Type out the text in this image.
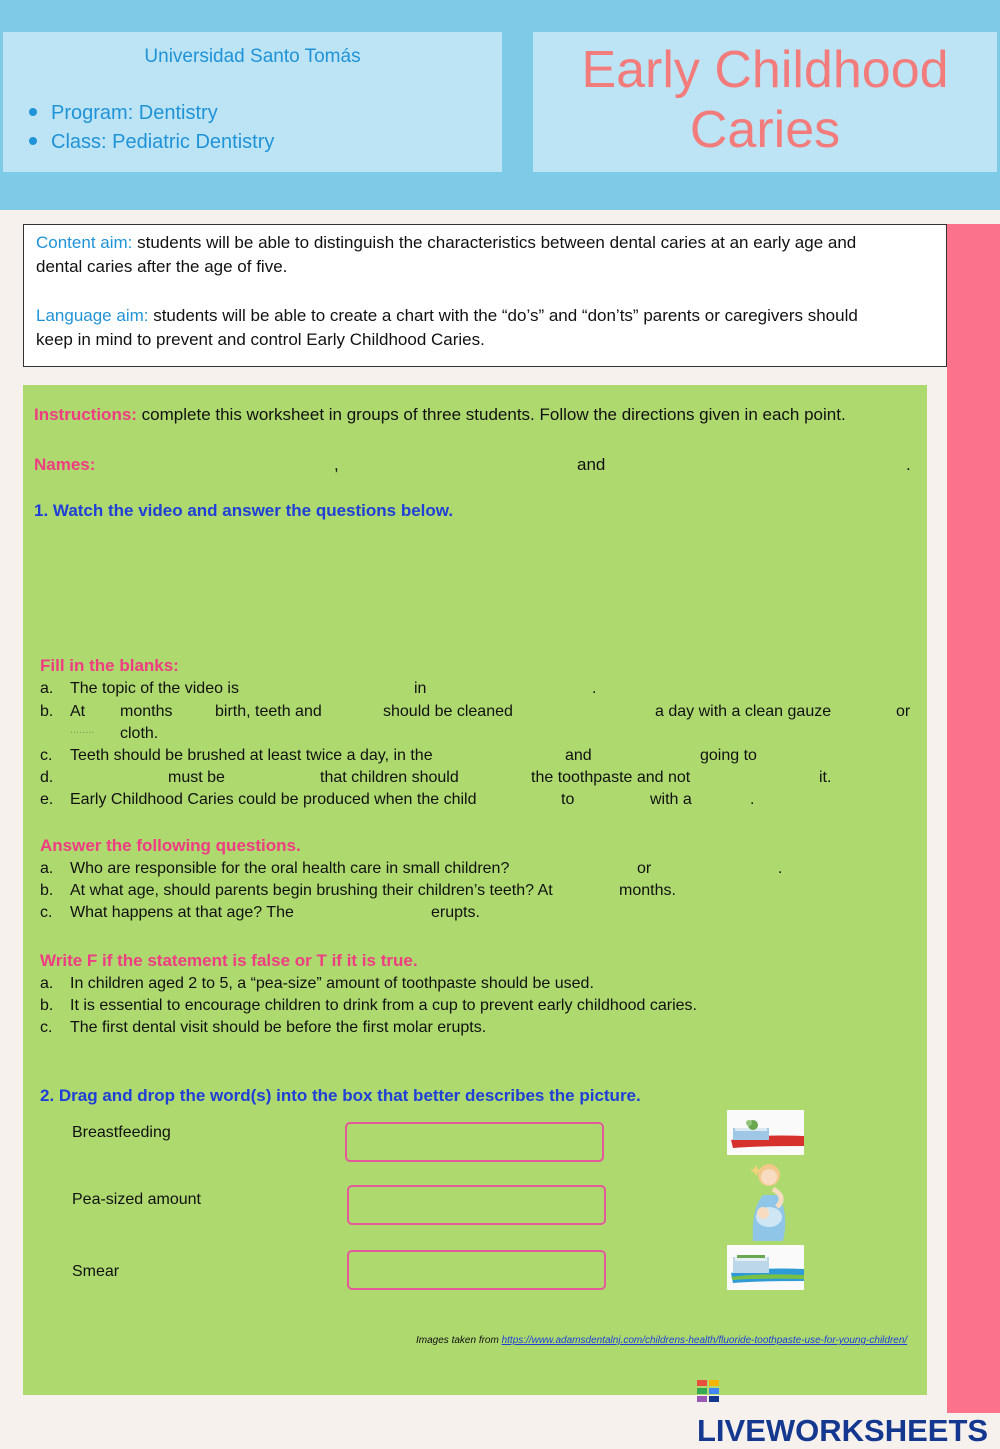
Universidad Santo Tomás
Program: Dentistry
Class: Pediatric Dentistry
Early Childhood
Caries
Content aim: students will be able to distinguish the characteristics between dental caries at an early age and
dental caries after the age of five.
Language aim: students will be able to create a chart with the “do’s” and “don’ts” parents or caregivers should
keep in mind to prevent and control Early Childhood Caries.
Instructions: complete this worksheet in groups of three students. Follow the directions given in each point.
Names:	,	and	.
1. Watch the video and answer the questions below.
Fill in the blanks:
a. The topic of the video is	in	.
b. At months	birth, teeth and	should be cleaned	a day with a clean gauze	or
........ cloth.
c. Teeth should be brushed at least twice a day, in the	and	going to
d.	must be	that children should	the toothpaste and not	it.
e. Early Childhood Caries could be produced when the child	to	with a	.
Answer the following questions.
a. Who are responsible for the oral health care in small children?	or	.
b. At what age, should parents begin brushing their children’s teeth? At	months.
c. What happens at that age? The	erupts.
Write F if the statement is false or T if it is true.
a. In children aged 2 to 5, a “pea-size” amount of toothpaste should be used.
b. It is essential to encourage children to drink from a cup to prevent early childhood caries.
c. The first dental visit should be before the first molar erupts.
2. Drag and drop the word(s) into the box that better describes the picture.
Breastfeeding
Pea-sized amount
Smear
Images taken from https://www.adamsdentalnj.com/childrens-health/fluoride-toothpaste-use-for-young-children/
LIVEWORKSHEETS
